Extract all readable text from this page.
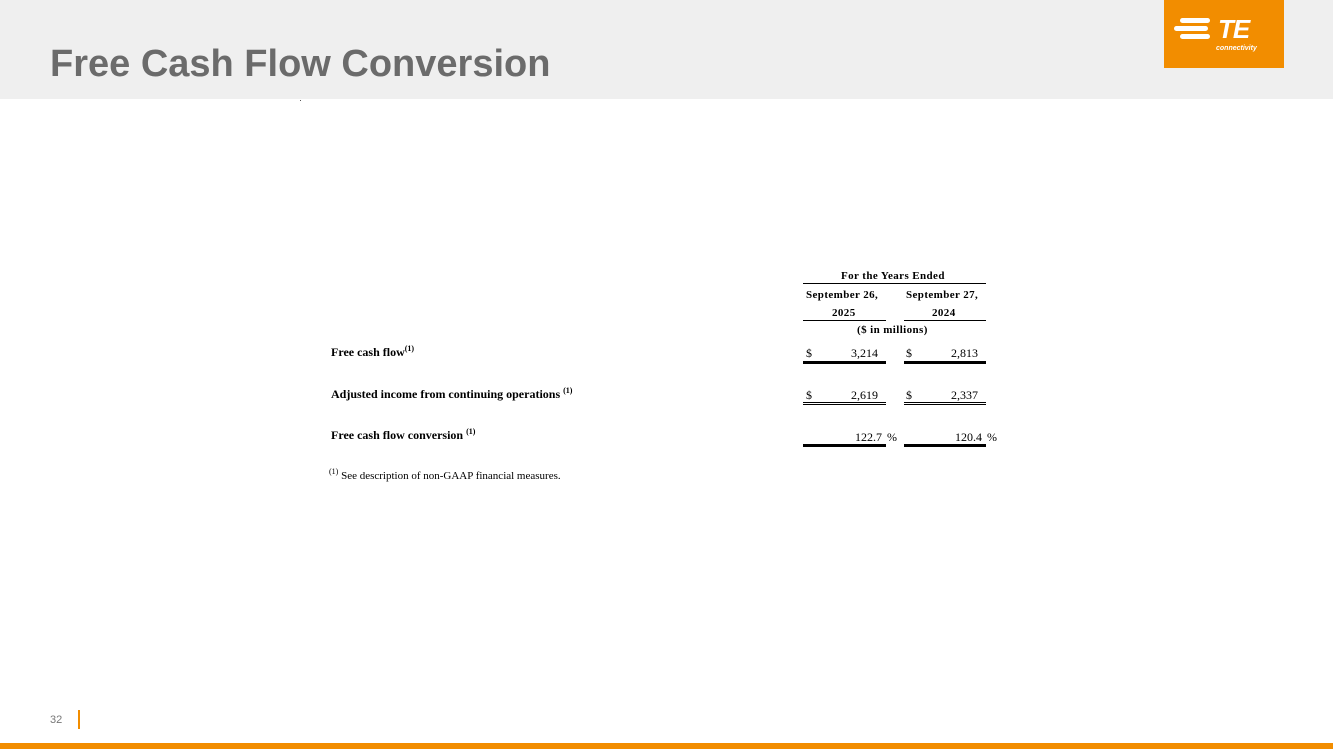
Free Cash Flow Conversion
TE
connectivity
For the Years Ended
September 26,	September 27,
2025	2024
($ in millions)
Free cash flow$^{(1)}$	$	3,214 $	2,813
Adjusted income from continuing operations $^{(1)}$	$	2,619 $	2,337
Free cash flow conversion $^{(1)}$	122.7 %	120.4 %
$^{(1)}$ See description of non-GAAP financial measures.
32
